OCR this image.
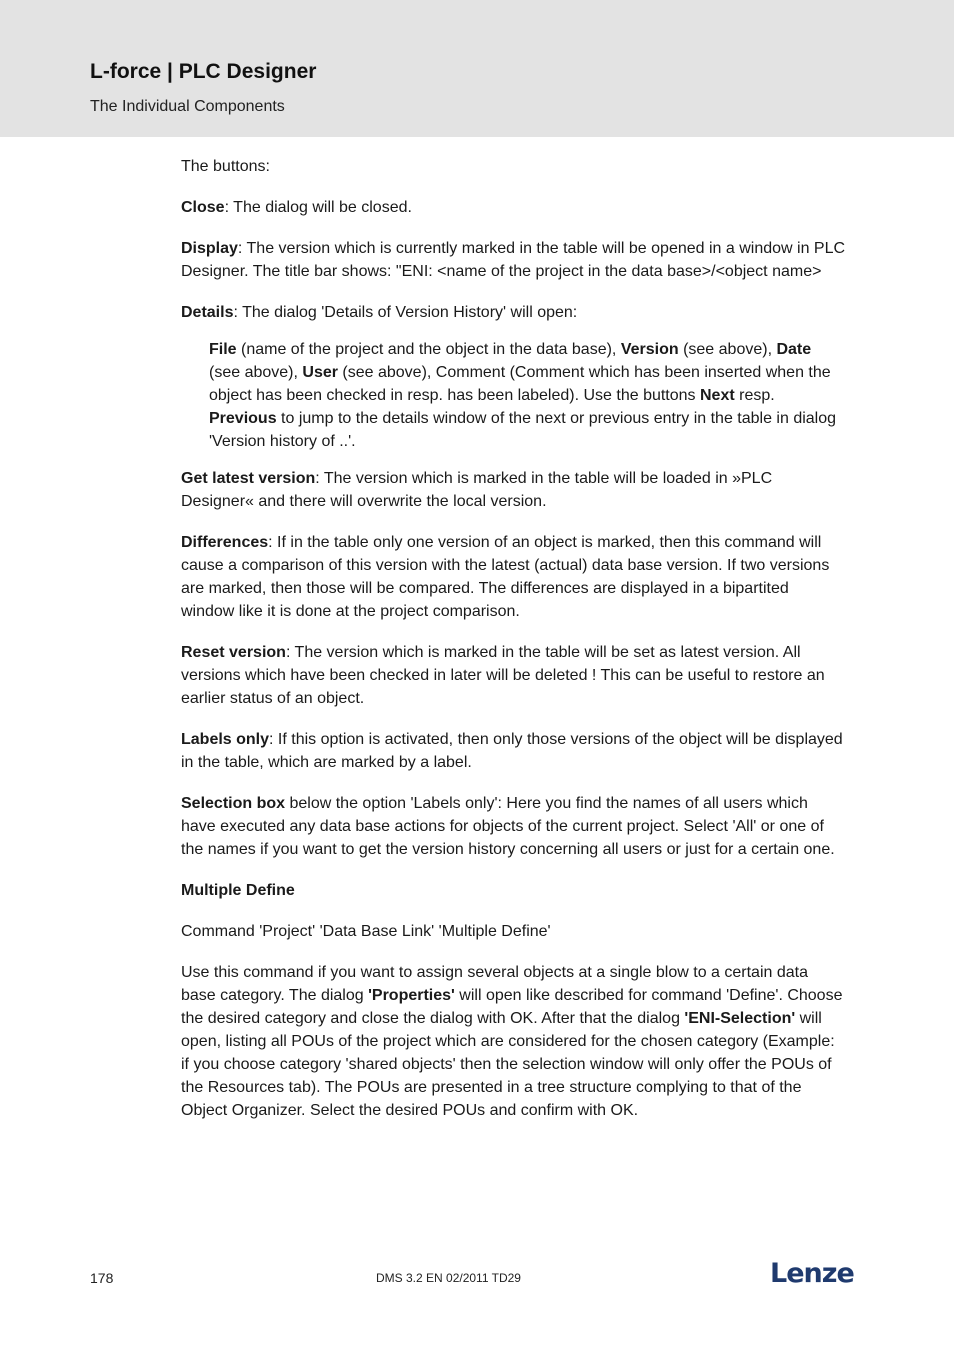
L-force | PLC Designer
The Individual Components

The buttons:

Close: The dialog will be closed.

Display: The version which is currently marked in the table will be opened in a window in PLC Designer. The title bar shows: "ENI: <name of the project in the data base>/<object name>

Details: The dialog 'Details of Version History' will open:

File (name of the project and the object in the data base), Version (see above), Date (see above), User (see above), Comment (Comment which has been inserted when the object has been checked in resp. has been labeled). Use the buttons Next resp. Previous to jump to the details window of the next or previous entry in the table in dialog 'Version history of ..'.

Get latest version: The version which is marked in the table will be loaded in »PLC Designer« and there will overwrite the local version.

Differences: If in the table only one version of an object is marked, then this command will cause a comparison of this version with the latest (actual) data base version. If two versions are marked, then those will be compared. The differences are displayed in a bipartited window like it is done at the project comparison.

Reset version: The version which is marked in the table will be set as latest version. All versions which have been checked in later will be deleted ! This can be useful to restore an earlier status of an object.

Labels only: If this option is activated, then only those versions of the object will be displayed in the table, which are marked by a label.

Selection box below the option 'Labels only': Here you find the names of all users which have executed any data base actions for objects of the current project. Select 'All' or one of the names if you want to get the version history concerning all users or just for a certain one.

Multiple Define

Command 'Project' 'Data Base Link' 'Multiple Define'

Use this command if you want to assign several objects at a single blow to a certain data base category. The dialog 'Properties' will open like described for command 'Define'. Choose the desired category and close the dialog with OK. After that the dialog 'ENI-Selection' will open, listing all POUs of the project which are considered for the chosen category (Example: if you choose category 'shared objects' then the selection window will only offer the POUs of the Resources tab). The POUs are presented in a tree structure complying to that of the Object Organizer. Select the desired POUs and confirm with OK.

178	DMS 3.2 EN 02/2011 TD29	Lenze
